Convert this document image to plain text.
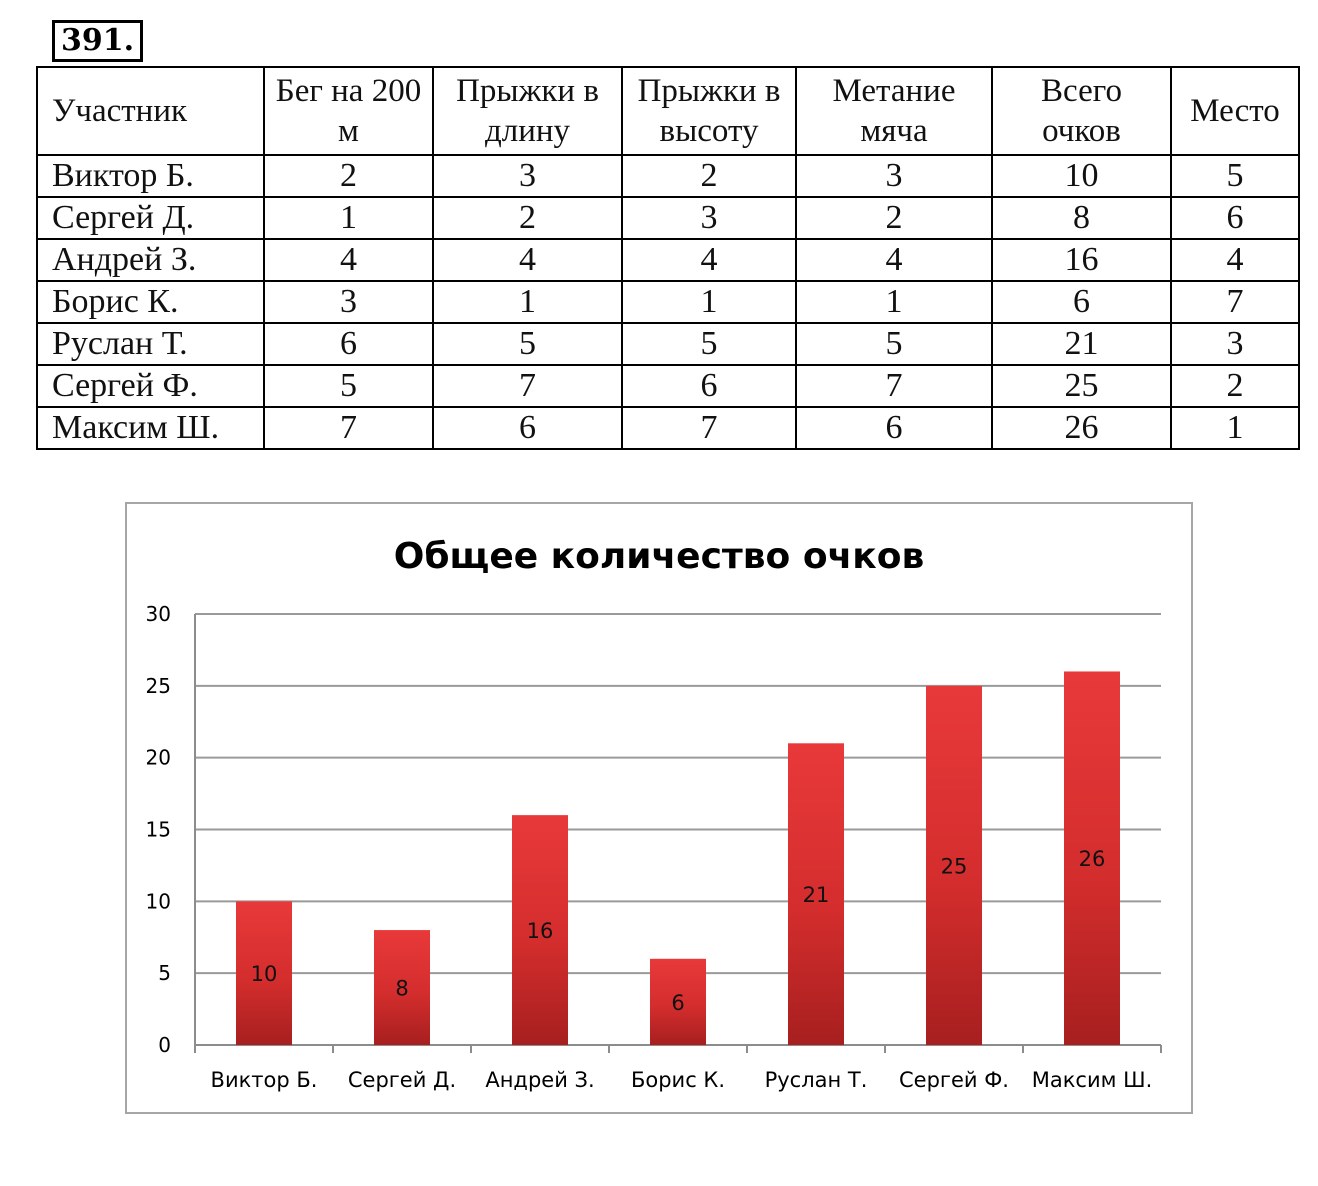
391.
Участник	Бег на 200 м	Прыжки в длину	Прыжки в высоту	Метание мяча	Всего очков	Место
Виктор Б.	2	3	2	3	10	5
Сергей Д.	1	2	3	2	8	6
Андрей З.	4	4	4	4	16	4
Борис К.	3	1	1	1	6	7
Руслан Т.	6	5	5	5	21	3
Сергей Ф.	5	7	6	7	25	2
Максим Ш.	7	6	7	6	26	1
Общее количество очков
0
5
10
15
20
25
30
10
Виктор Б.
8
Сергей Д.
16
Андрей З.
6
Борис К.
21
Руслан Т.
25
Сергей Ф.
26
Максим Ш.
